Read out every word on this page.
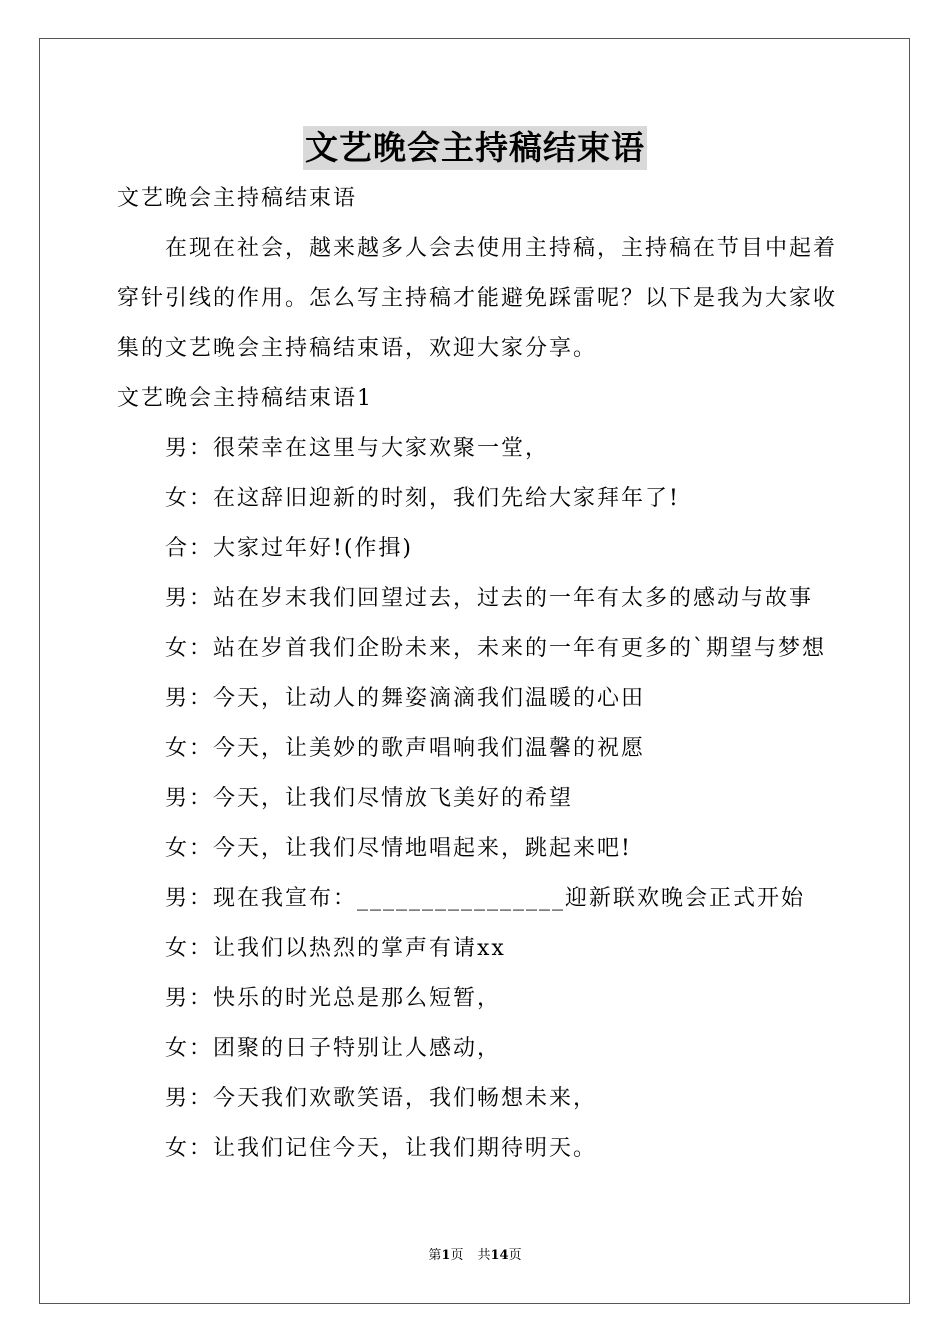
文艺晚会主持稿结束语
文艺晚会主持稿结束语
在现在社会，越来越多人会去使用主持稿，主持稿在节目中起着
穿针引线的作用。怎么写主持稿才能避免踩雷呢？以下是我为大家收
集的文艺晚会主持稿结束语，欢迎大家分享。
文艺晚会主持稿结束语1
男：很荣幸在这里与大家欢聚一堂，
女：在这辞旧迎新的时刻，我们先给大家拜年了!
合：大家过年好!(作揖)
男：站在岁末我们回望过去，过去的一年有太多的感动与故事
女：站在岁首我们企盼未来，未来的一年有更多的`期望与梦想
男：今天，让动人的舞姿滴滴我们温暖的心田
女：今天，让美妙的歌声唱响我们温馨的祝愿
男：今天，让我们尽情放飞美好的希望
女：今天，让我们尽情地唱起来，跳起来吧!
男：现在我宣布：________________迎新联欢晚会正式开始
女：让我们以热烈的掌声有请xx
男：快乐的时光总是那么短暂，
女：团聚的日子特别让人感动，
男：今天我们欢歌笑语，我们畅想未来，
女：让我们记住今天，让我们期待明天。
第1页 共14页
